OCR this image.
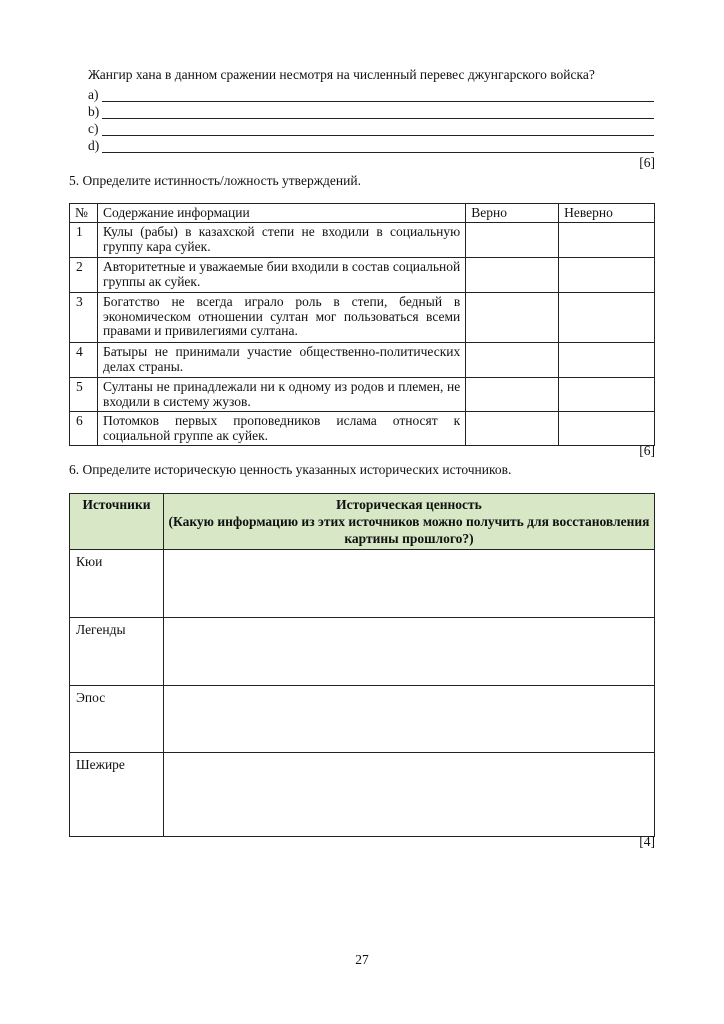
Жангир хана в данном сражении несмотря на численный перевес джунгарского войска?
a)
b)
c)
d)
[6]
5. Определите истинность/ложность утверждений.
№	Содержание информации	Верно	Неверно
1	Кулы (рабы) в казахской степи не входили в социальную группу кара суйек.		
2	Авторитетные и уважаемые бии входили в состав социальной группы ак суйек.		
3	Богатство не всегда играло роль в степи, бедный в экономическом отношении султан мог пользоваться всеми правами и привилегиями султана.		
4	Батыры не принимали участие общественно-политических делах страны.		
5	Султаны не принадлежали ни к одному из родов и племен, не входили в систему жузов.		
6	Потомков первых проповедников ислама относят к социальной группе ак суйек.		
[6]
6. Определите историческую ценность указанных исторических источников.
Источники	Историческая ценность
(Какую информацию из этих источников можно получить для восстановления картины прошлого?)

Кюи	
Легенды	
Эпос	
Шежире	
[4]
27
